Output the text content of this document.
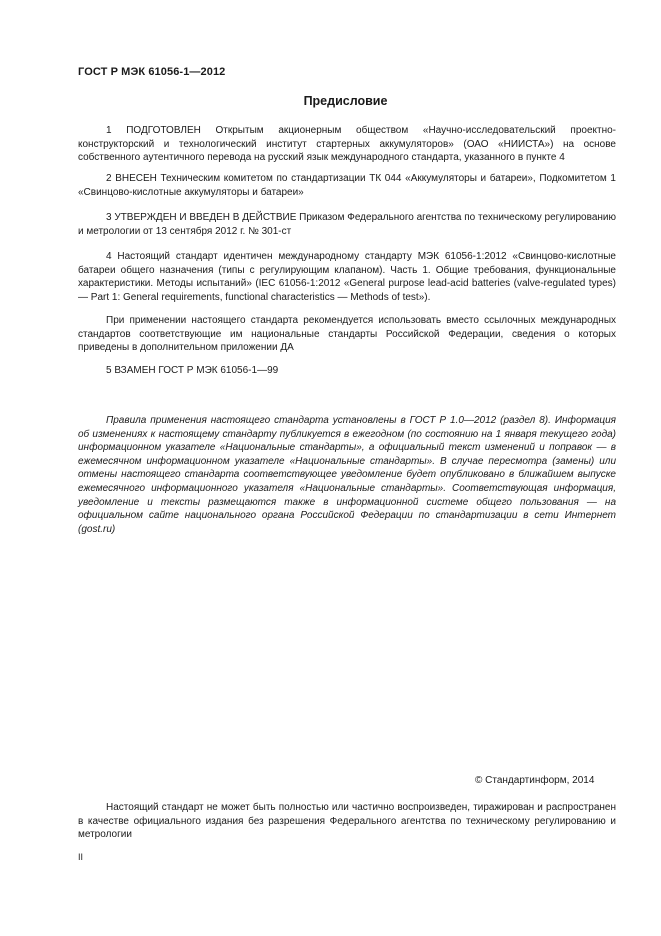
ГОСТ Р МЭК 61056-1—2012
Предисловие

1 ПОДГОТОВЛЕН Открытым акционерным обществом «Научно-исследовательский проектно-конструкторский и технологический институт стартерных аккумуляторов» (ОАО «НИИСТА») на основе собственного аутентичного перевода на русский язык международного стандарта, указанного в пункте 4

2 ВНЕСЕН Техническим комитетом по стандартизации ТК 044 «Аккумуляторы и батареи», Подкомитетом 1 «Свинцово-кислотные аккумуляторы и батареи»

3 УТВЕРЖДЕН И ВВЕДЕН В ДЕЙСТВИЕ Приказом Федерального агентства по техническому регулированию и метрологии от 13 сентября 2012 г. № 301-ст

4 Настоящий стандарт идентичен международному стандарту МЭК 61056-1:2012 «Свинцово-кислотные батареи общего назначения (типы с регулирующим клапаном). Часть 1. Общие требования, функциональные характеристики. Методы испытаний» (IEC 61056-1:2012 «General purpose lead-acid batteries (valve-regulated types) — Part 1: General requirements, functional characteristics — Methods of test»).

При применении настоящего стандарта рекомендуется использовать вместо ссылочных международных стандартов соответствующие им национальные стандарты Российской Федерации, сведения о которых приведены в дополнительном приложении ДА

5 ВЗАМЕН ГОСТ Р МЭК 61056-1—99

Правила применения настоящего стандарта установлены в ГОСТ Р 1.0—2012 (раздел 8). Информация об изменениях к настоящему стандарту публикуется в ежегодном (по состоянию на 1 января текущего года) информационном указателе «Национальные стандарты», а официальный текст изменений и поправок — в ежемесячном информационном указателе «Национальные стандарты». В случае пересмотра (замены) или отмены настоящего стандарта соответствующее уведомление будет опубликовано в ближайшем выпуске ежемесячного информационного указателя «Национальные стандарты». Соответствующая информация, уведомление и тексты размещаются также в информационной системе общего пользования — на официальном сайте национального органа Российской Федерации по стандартизации в сети Интернет (gost.ru)

© Стандартинформ, 2014

Настоящий стандарт не может быть полностью или частично воспроизведен, тиражирован и распространен в качестве официального издания без разрешения Федерального агентства по техническому регулированию и метрологии

II
